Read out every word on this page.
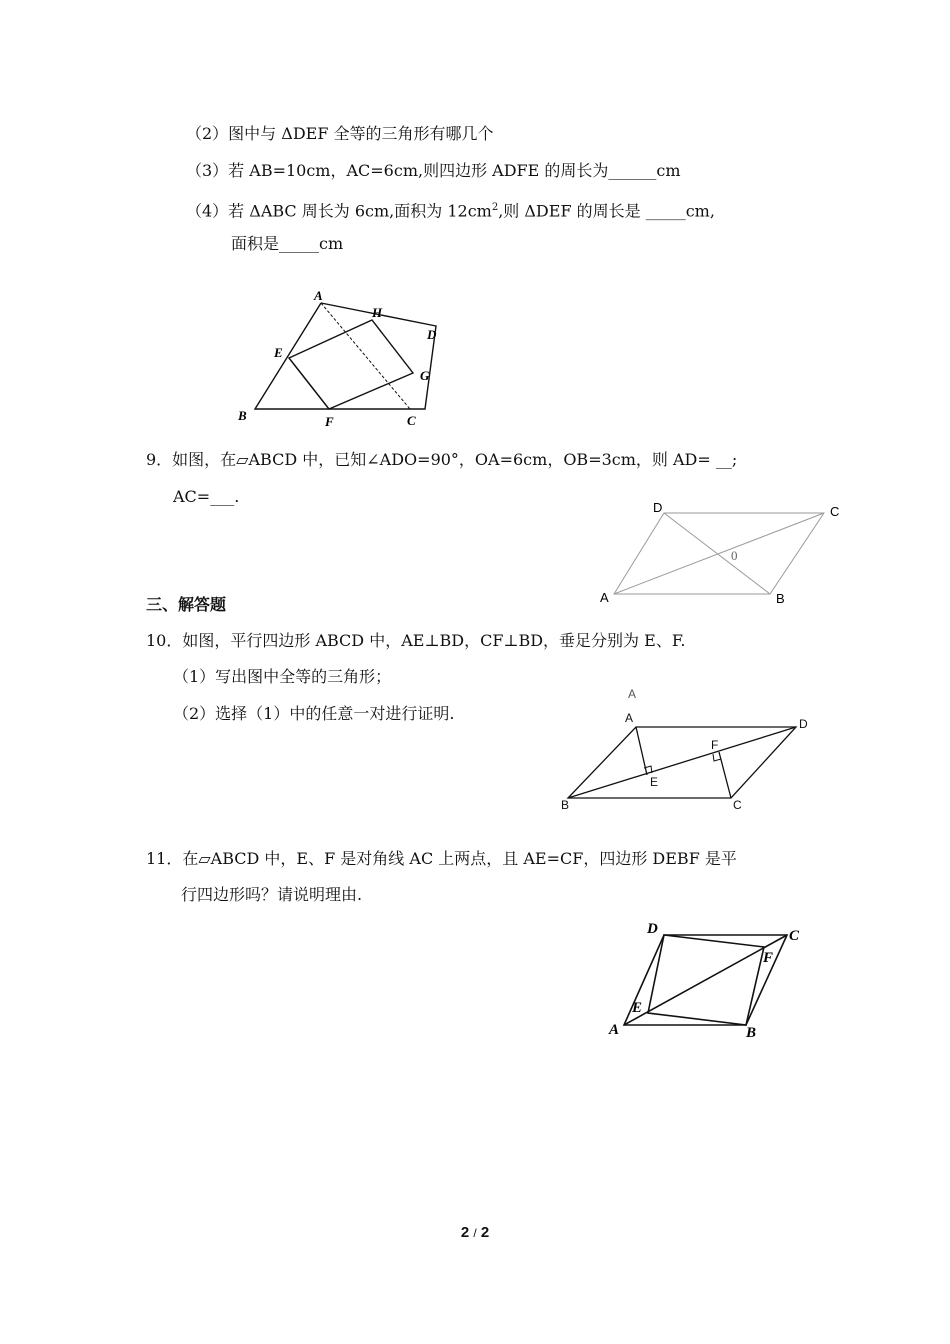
（2）图中与 ΔDEF 全等的三角形有哪几个
（3）若 AB=10cm，AC=6cm,则四边形 ADFE 的周长为______cm
（4）若 ΔABC 周长为 6cm,面积为 $12cm^2$,则 ΔDEF 的周长是 _____cm,
面积是_____cm
A
H
D
E
G
B	F	C
9．如图，在▱ABCD 中，已知∠ADO=90°，OA=6cm，OB=3cm，则 AD= __;
AC=___.
D	C
0
A	B
三、解答题
10．如图，平行四边形 ABCD 中，AE⊥BD，CF⊥BD，垂足分别为 E、F.
（1）写出图中全等的三角形；
（2）选择（1）中的任意一对进行证明.
A
A	D
F
E
B	C
11．在▱ABCD 中，E、F 是对角线 AC 上两点，且 AE=CF，四边形 DEBF 是平
行四边形吗？请说明理由.
D	C
F
E
A	B
2 / 2
